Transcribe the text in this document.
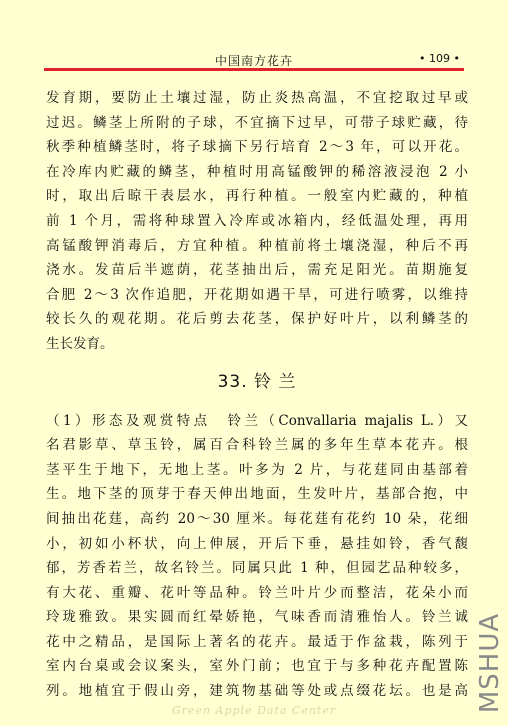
中国南方花卉	• 109 •
发育期，要防止土壤过湿，防止炎热高温，不宜挖取过早或
过迟。鳞茎上所附的子球，不宜摘下过早，可带子球贮藏，待
秋季种植鳞茎时，将子球摘下另行培育 2～3 年，可以开花。
在冷库内贮藏的鳞茎，种植时用高锰酸钾的稀溶液浸泡 2 小
时，取出后晾干表层水，再行种植。一般室内贮藏的，种植
前 1 个月，需将种球置入冷库或冰箱内，经低温处理，再用
高锰酸钾消毒后，方宜种植。种植前将土壤浇湿，种后不再
浇水。发苗后半遮荫，花茎抽出后，需充足阳光。苗期施复
合肥 2～3 次作追肥，开花期如遇干旱，可进行喷雾，以维持
较长久的观花期。花后剪去花茎，保护好叶片，以利鳞茎的
生长发育。
33. 铃 兰
（1）形态及观赏特点　铃兰（Convallaria majalis L.）又
名君影草、草玉铃，属百合科铃兰属的多年生草本花卉。根
茎平生于地下，无地上茎。叶多为 2 片，与花莛同由基部着
生。地下茎的顶芽于春天伸出地面，生发叶片，基部合抱，中
间抽出花莛，高约 20～30 厘米。每花莛有花约 10 朵，花细
小，初如小杯状，向上伸展，开后下垂，悬挂如铃，香气馥
郁，芳香若兰，故名铃兰。同属只此 1 种，但园艺品种较多，
有大花、重瓣、花叶等品种。铃兰叶片少而整洁，花朵小而
玲珑雅致。果实圆而红晕娇艳，气味香而清雅怡人。铃兰诚
花中之精品，是国际上著名的花卉。最适于作盆栽，陈列于
室内台桌或会议案头，室外门前；也宜于与多种花卉配置陈
列。地植宜于假山旁，建筑物基础等处或点缀花坛。也是高
Green Apple Data Center	MSHUA
